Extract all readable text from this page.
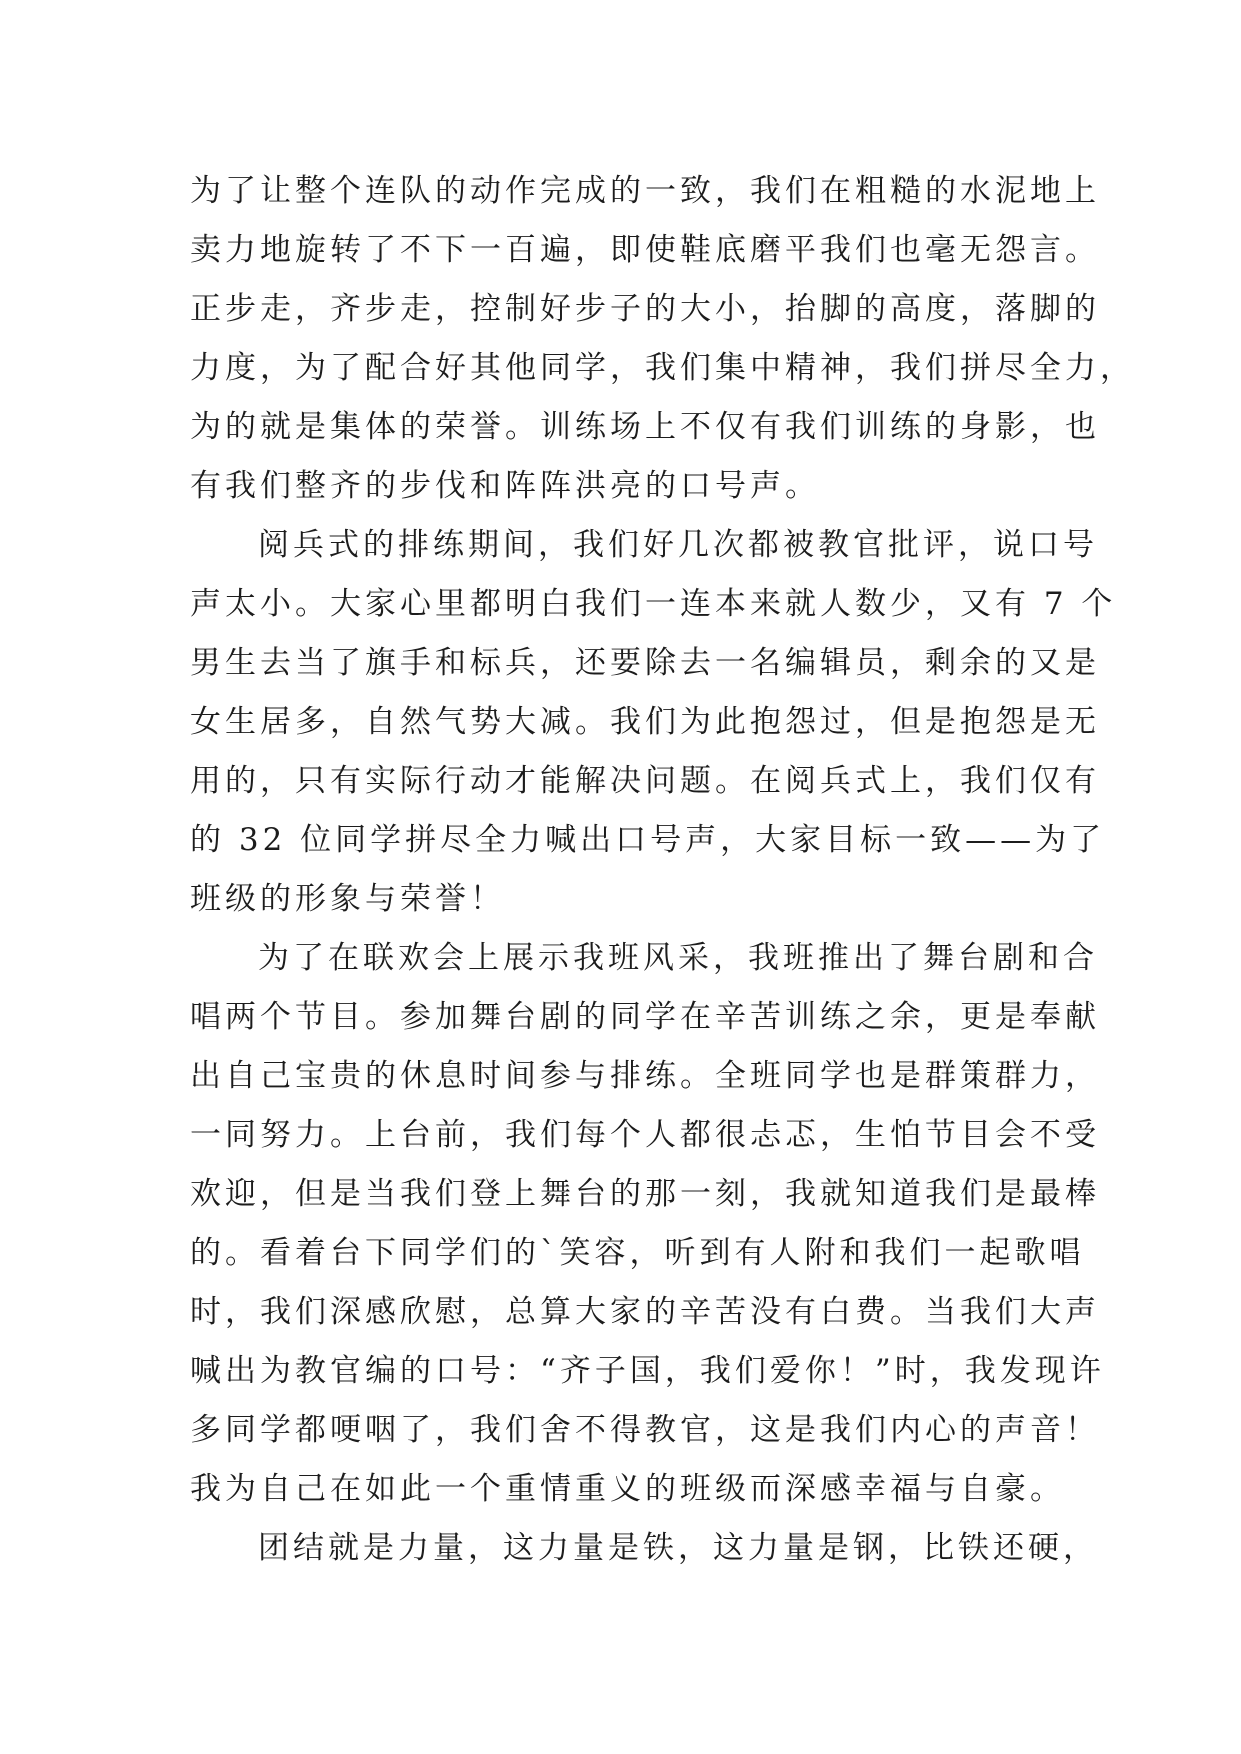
为了让整个连队的动作完成的一致，我们在粗糙的水泥地上
卖力地旋转了不下一百遍，即使鞋底磨平我们也毫无怨言。
正步走，齐步走，控制好步子的大小，抬脚的高度，落脚的
力度，为了配合好其他同学，我们集中精神，我们拼尽全力，
为的就是集体的荣誉。训练场上不仅有我们训练的身影，也
有我们整齐的步伐和阵阵洪亮的口号声。
阅兵式的排练期间，我们好几次都被教官批评，说口号
声太小。大家心里都明白我们一连本来就人数少，又有 7 个
男生去当了旗手和标兵，还要除去一名编辑员，剩余的又是
女生居多，自然气势大减。我们为此抱怨过，但是抱怨是无
用的，只有实际行动才能解决问题。在阅兵式上，我们仅有
的 32 位同学拼尽全力喊出口号声，大家目标一致——为了
班级的形象与荣誉！
为了在联欢会上展示我班风采，我班推出了舞台剧和合
唱两个节目。参加舞台剧的同学在辛苦训练之余，更是奉献
出自己宝贵的休息时间参与排练。全班同学也是群策群力，
一同努力。上台前，我们每个人都很忐忑，生怕节目会不受
欢迎，但是当我们登上舞台的那一刻，我就知道我们是最棒
的。看着台下同学们的`笑容，听到有人附和我们一起歌唱
时，我们深感欣慰，总算大家的辛苦没有白费。当我们大声
喊出为教官编的口号：“齐子国，我们爱你！”时，我发现许
多同学都哽咽了，我们舍不得教官，这是我们内心的声音！
我为自己在如此一个重情重义的班级而深感幸福与自豪。
团结就是力量，这力量是铁，这力量是钢，比铁还硬，
